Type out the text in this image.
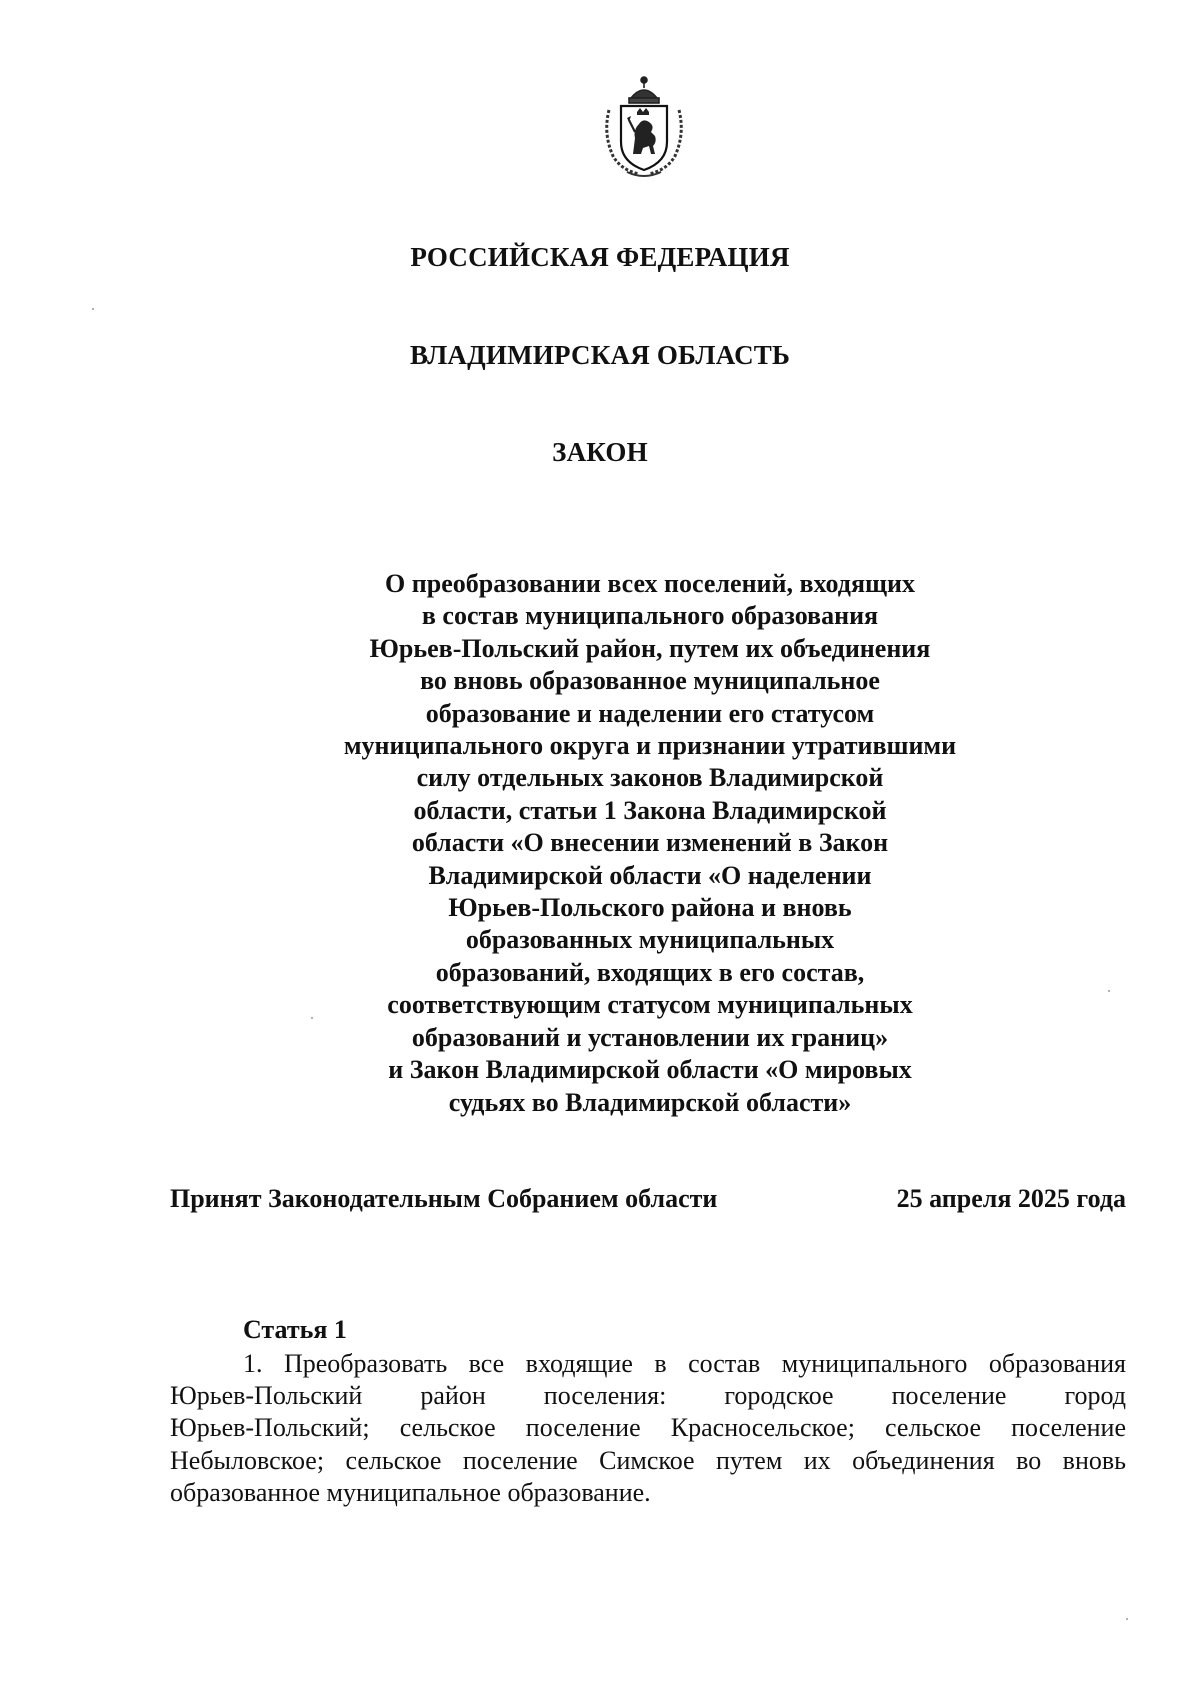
РОССИЙСКАЯ ФЕДЕРАЦИЯ
ВЛАДИМИРСКАЯ ОБЛАСТЬ
ЗАКОН
О преобразовании всех поселений, входящих
в состав муниципального образования
Юрьев-Польский район, путем их объединения
во вновь образованное муниципальное
образование и наделении его статусом
муниципального округа и признании утратившими
силу отдельных законов Владимирской
области, статьи 1 Закона Владимирской
области «О внесении изменений в Закон
Владимирской области «О наделении
Юрьев-Польского района и вновь
образованных муниципальных
образований, входящих в его состав,
соответствующим статусом муниципальных
образований и установлении их границ»
и Закон Владимирской области «О мировых
судьях во Владимирской области»
Принят Законодательным Собранием области	25 апреля 2025 года
Статья 1
1. Преобразовать все входящие в состав муниципального образования
Юрьев-Польский район поселения: городское поселение город
Юрьев-Польский; сельское поселение Красносельское; сельское поселение
Небыловское; сельское поселение Симское путем их объединения во вновь
образованное муниципальное образование.
